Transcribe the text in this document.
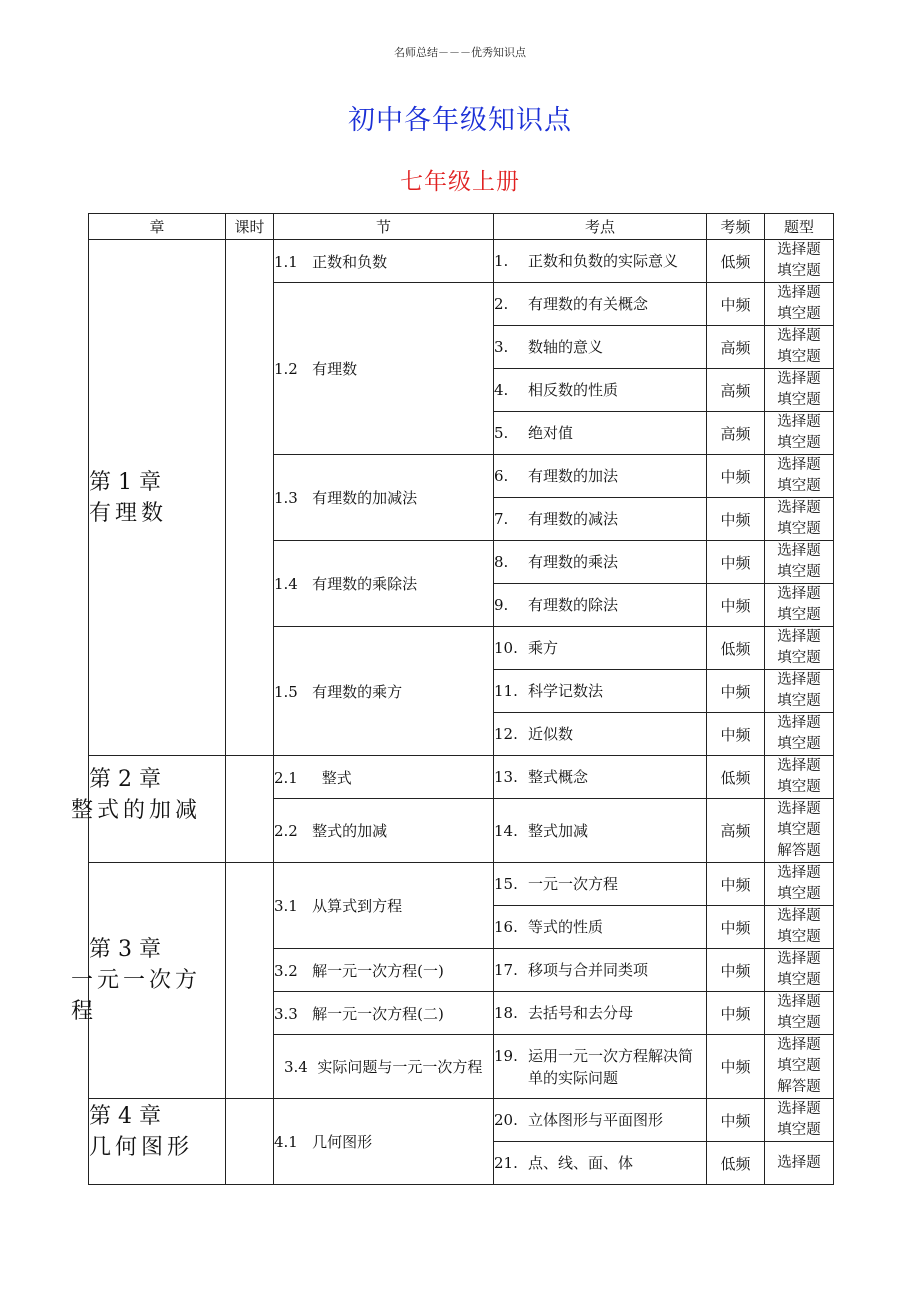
名师总结－－－优秀知识点
初中各年级知识点
七年级上册
章	课时	节	考点	考频	题型

第 1 章
有理数		1.1 正数和负数	1. 正数和负数的实际意义	低频	选择题
填空题

		1.2 有理数	2. 有理数的有关概念	中频	选择题
填空题

			3. 数轴的意义	高频	选择题
填空题

			4. 相反数的性质	高频	选择题
填空题

			5. 绝对值	高频	选择题
填空题

		1.3 有理数的加减法	6. 有理数的加法	中频	选择题
填空题

			7. 有理数的减法	中频	选择题
填空题

		1.4 有理数的乘除法	8. 有理数的乘法	中频	选择题
填空题

			9. 有理数的除法	中频	选择题
填空题

		1.5 有理数的乘方	10. 乘方	低频	选择题
填空题

			11. 科学记数法	中频	选择题
填空题

			12. 近似数	中频	选择题
填空题

第 2 章
整式的加减		2.1 整式	13. 整式概念	低频	选择题
填空题

		2.2 整式的加减	14. 整式加减	高频	选择题
填空题
解答题

第 3 章
一元一次方程		3.1 从算式到方程	15. 一元一次方程	中频	选择题
填空题

			16. 等式的性质	中频	选择题
填空题

		3.2 解一元一次方程(一)	17. 移项与合并同类项	中频	选择题
填空题

		3.3 解一元一次方程(二)	18. 去括号和去分母	中频	选择题
填空题

		3.4 实际问题与一元一次方程	19. 运用一元一次方程解决简单的实际问题	中频	选择题
填空题
解答题

第 4 章
几何图形		4.1 几何图形	20. 立体图形与平面图形	中频	选择题
填空题

			21. 点、线、面、体	低频	选择题
